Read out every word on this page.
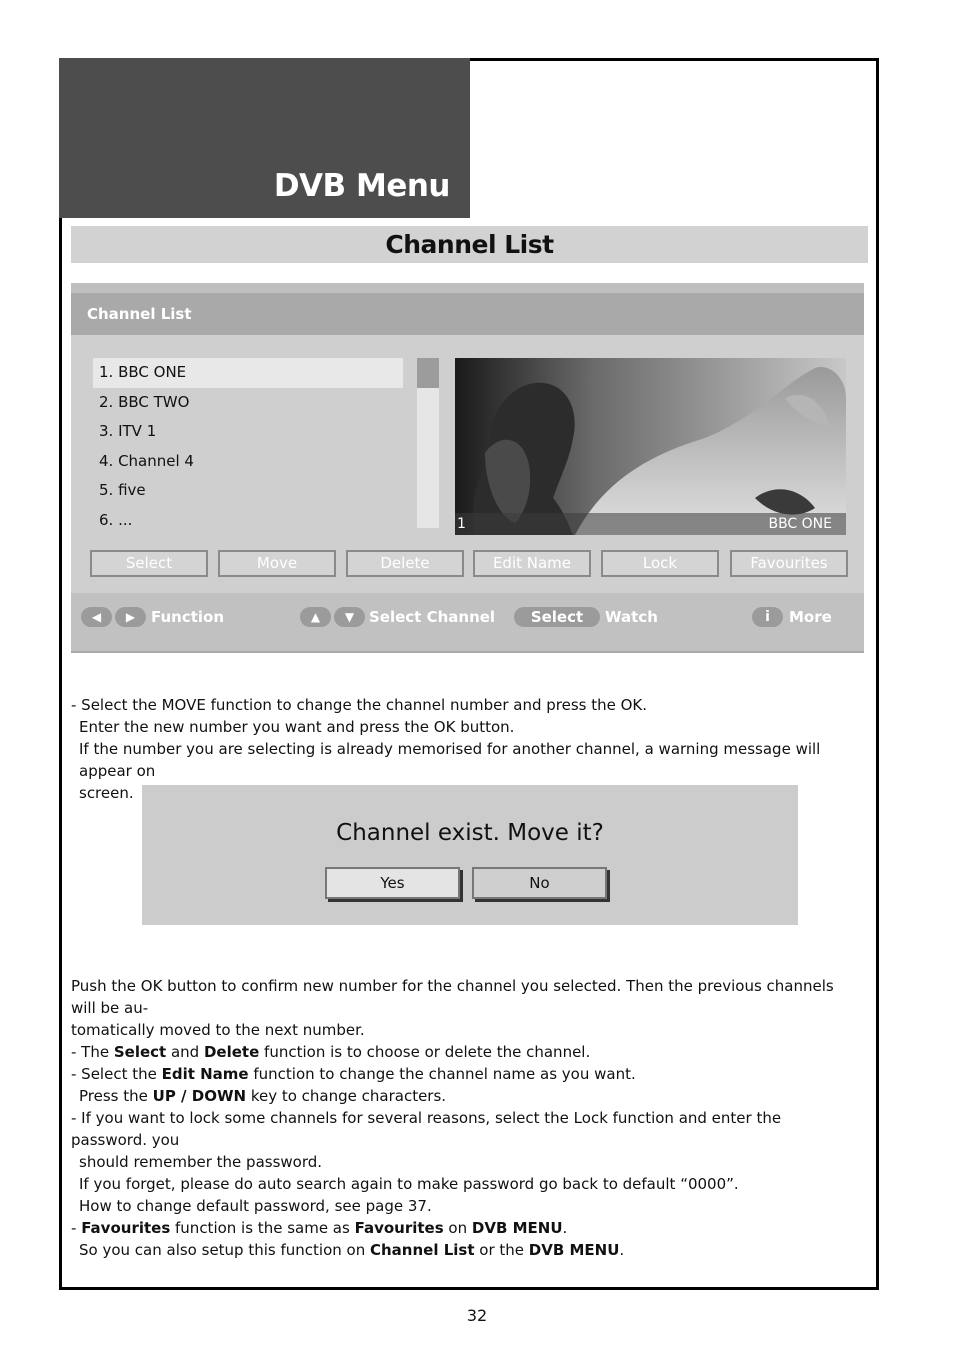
DVB Menu
Channel List
Channel List
1. BBC ONE
2. BBC TWO
3. ITV 1
4. Channel 4
5. five
6. ...	1	BBC ONE
Select	Move	Delete	Edit Name	Lock	Favourites
◀	▶	Function	▲	▼ Select Channel	Select	Watch	i	More

- Select the MOVE function to change the channel number and press the OK.

Enter the new number you want and press the OK button.

If the number you are selecting is already memorised for another channel, a warning message will appear on

screen.

Channel exist. Move it?
Yes	No

Push the OK button to confirm new number for the channel you selected. Then the previous channels will be au-

tomatically moved to the next number.

- The Select and Delete function is to choose or delete the channel.

- Select the Edit Name function to change the channel name as you want.

Press the UP / DOWN key to change characters.

- If you want to lock some channels for several reasons, select the Lock function and enter the password. you

should remember the password.

If you forget, please do auto search again to make password go back to default “0000”.

How to change default password, see page 37.

- Favourites function is the same as Favourites on DVB MENU.

So you can also setup this function on Channel List or the DVB MENU.

32
